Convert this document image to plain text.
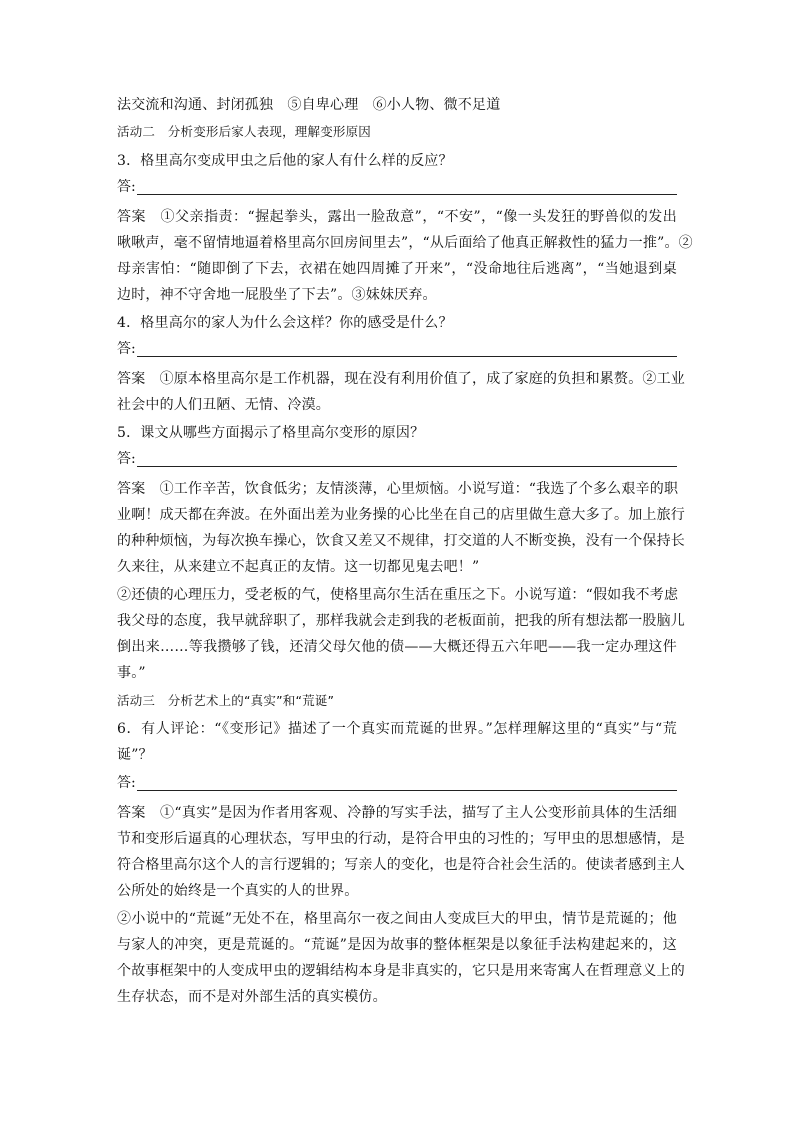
法交流和沟通、封闭孤独　⑤自卑心理　⑥小人物、微不足道
活动二　分析变形后家人表现，理解变形原因
3．格里高尔变成甲虫之后他的家人有什么样的反应？
答:
答案　①父亲指责：“握起拳头，露出一脸敌意”，“不安”，“像一头发狂的野兽似的发出
啾啾声，毫不留情地逼着格里高尔回房间里去”，“从后面给了他真正解救性的猛力一推”。②
母亲害怕：“随即倒了下去，衣裙在她四周摊了开来”，“没命地往后逃离”，“当她退到桌
边时，神不守舍地一屁股坐了下去”。③妹妹厌弃。
4．格里高尔的家人为什么会这样？你的感受是什么？
答:
答案　①原本格里高尔是工作机器，现在没有利用价值了，成了家庭的负担和累赘。②工业
社会中的人们丑陋、无情、冷漠。
5．课文从哪些方面揭示了格里高尔变形的原因？
答:
答案　①工作辛苦，饮食低劣；友情淡薄，心里烦恼。小说写道：“我选了个多么艰辛的职
业啊！成天都在奔波。在外面出差为业务操的心比坐在自己的店里做生意大多了。加上旅行
的种种烦恼，为每次换车操心，饮食又差又不规律，打交道的人不断变换，没有一个保持长
久来往，从来建立不起真正的友情。这一切都见鬼去吧！”
②还债的心理压力，受老板的气，使格里高尔生活在重压之下。小说写道：“假如我不考虑
我父母的态度，我早就辞职了，那样我就会走到我的老板面前，把我的所有想法都一股脑儿
倒出来……等我攒够了钱，还清父母欠他的债——大概还得五六年吧——我一定办理这件
事。”
活动三　分析艺术上的“真实”和“荒诞”
6．有人评论：“《变形记》描述了一个真实而荒诞的世界。”怎样理解这里的“真实”与“荒
诞”？
答:
答案　①“真实”是因为作者用客观、冷静的写实手法，描写了主人公变形前具体的生活细
节和变形后逼真的心理状态，写甲虫的行动，是符合甲虫的习性的；写甲虫的思想感情，是
符合格里高尔这个人的言行逻辑的；写亲人的变化，也是符合社会生活的。使读者感到主人
公所处的始终是一个真实的人的世界。
②小说中的“荒诞”无处不在，格里高尔一夜之间由人变成巨大的甲虫，情节是荒诞的；他
与家人的冲突，更是荒诞的。“荒诞”是因为故事的整体框架是以象征手法构建起来的，这
个故事框架中的人变成甲虫的逻辑结构本身是非真实的，它只是用来寄寓人在哲理意义上的
生存状态，而不是对外部生活的真实模仿。
